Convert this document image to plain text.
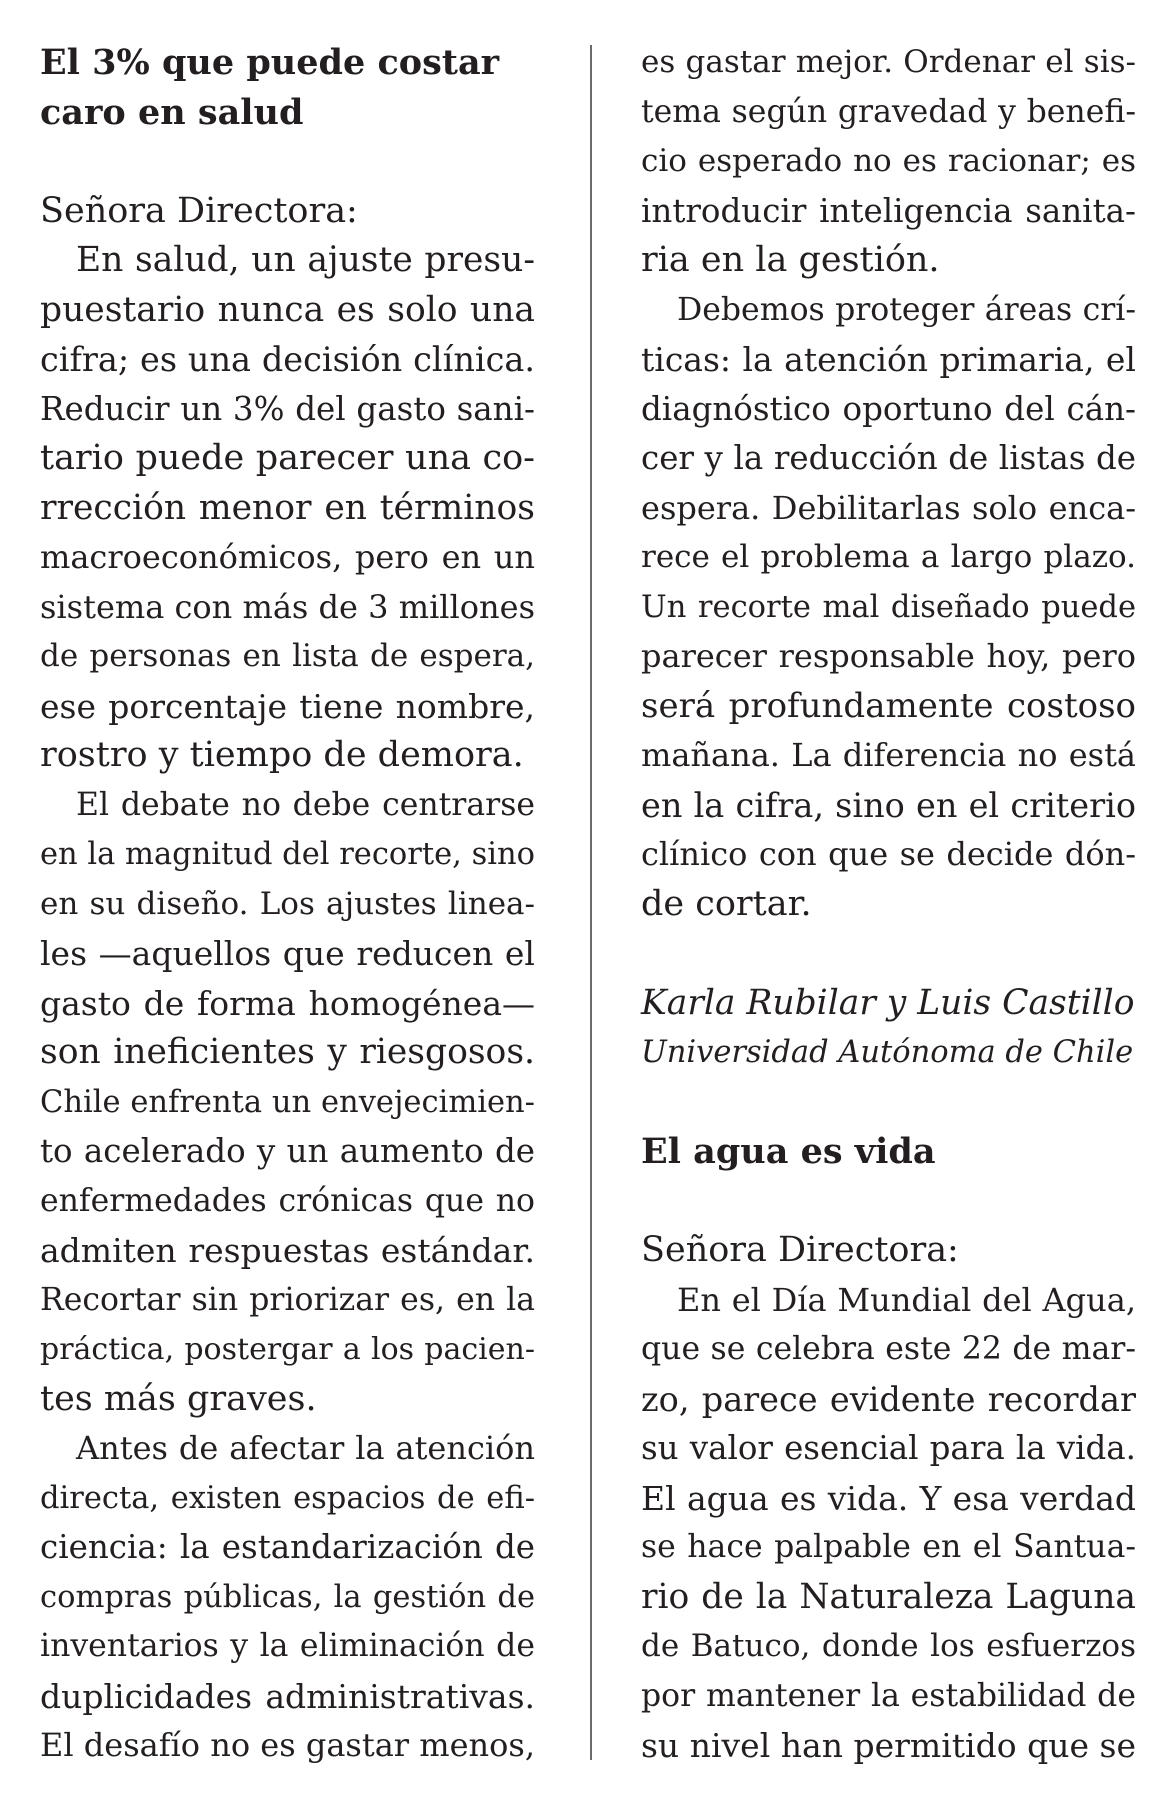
El 3% que puede costar
caro en salud
Señora Directora:
En salud, un ajuste presu-
puestario nunca es solo una
cifra; es una decisión clínica.
Reducir un 3% del gasto sani-
tario puede parecer una co-
rrección menor en términos
macroeconómicos, pero en un
sistema con más de 3 millones
de personas en lista de espera,
ese porcentaje tiene nombre,
rostro y tiempo de demora.
El debate no debe centrarse
en la magnitud del recorte, sino
en su diseño. Los ajustes linea-
les —aquellos que reducen el
gasto de forma homogénea—
son ineficientes y riesgosos.
Chile enfrenta un envejecimien-
to acelerado y un aumento de
enfermedades crónicas que no
admiten respuestas estándar.
Recortar sin priorizar es, en la
práctica, postergar a los pacien-
tes más graves.
Antes de afectar la atención
directa, existen espacios de efi-
ciencia: la estandarización de
compras públicas, la gestión de
inventarios y la eliminación de
duplicidades administrativas.
El desafío no es gastar menos,
es gastar mejor. Ordenar el sis-
tema según gravedad y benefi-
cio esperado no es racionar; es
introducir inteligencia sanita-
ria en la gestión.
Debemos proteger áreas crí-
ticas: la atención primaria, el
diagnóstico oportuno del cán-
cer y la reducción de listas de
espera. Debilitarlas solo enca-
rece el problema a largo plazo.
Un recorte mal diseñado puede
parecer responsable hoy, pero
será profundamente costoso
mañana. La diferencia no está
en la cifra, sino en el criterio
clínico con que se decide dón-
de cortar.
Karla Rubilar y Luis Castillo
Universidad Autónoma de Chile
El agua es vida
Señora Directora:
En el Día Mundial del Agua,
que se celebra este 22 de mar-
zo, parece evidente recordar
su valor esencial para la vida.
El agua es vida. Y esa verdad
se hace palpable en el Santua-
rio de la Naturaleza Laguna
de Batuco, donde los esfuerzos
por mantener la estabilidad de
su nivel han permitido que se
